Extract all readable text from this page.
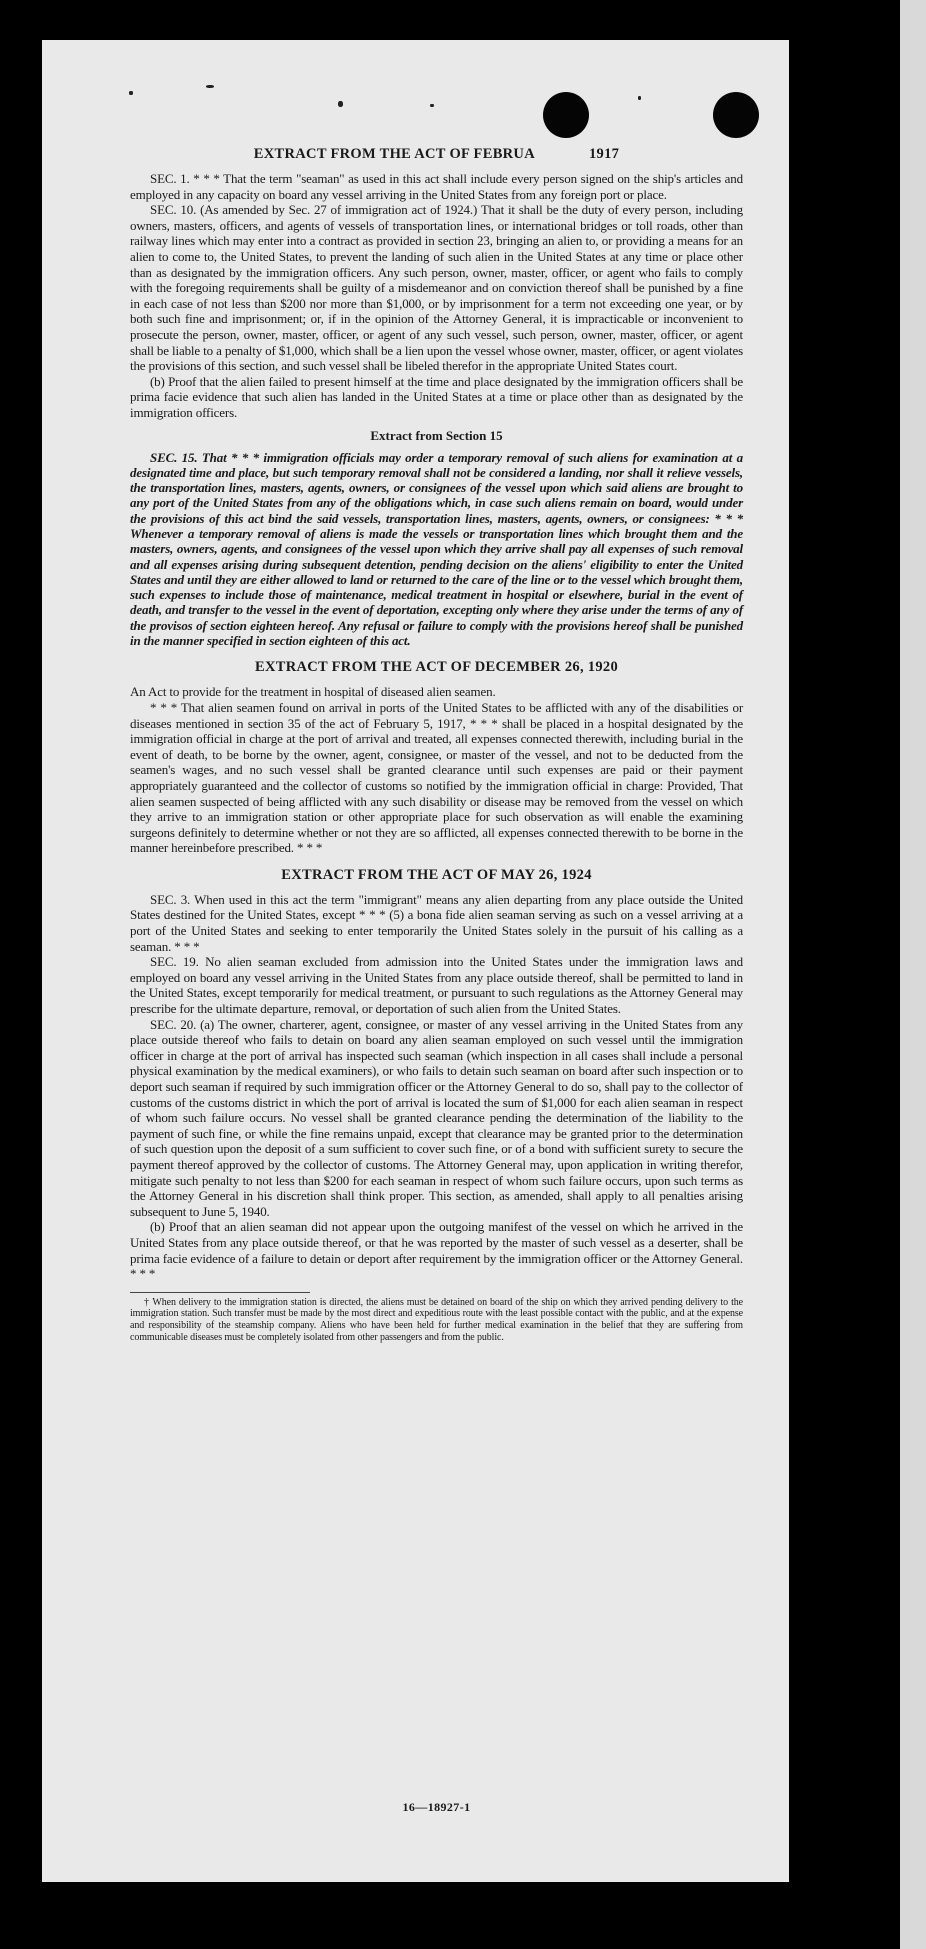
EXTRACT FROM THE ACT OF FEBRUA	1917

SEC. 1. * * * That the term "seaman" as used in this act shall include every person signed on the ship's articles and employed in any capacity on board any vessel arriving in the United States from any foreign port or place.

SEC. 10. (As amended by Sec. 27 of immigration act of 1924.) That it shall be the duty of every person, including owners, masters, officers, and agents of vessels of transportation lines, or international bridges or toll roads, other than railway lines which may enter into a contract as provided in section 23, bringing an alien to, or providing a means for an alien to come to, the United States, to prevent the landing of such alien in the United States at any time or place other than as designated by the immigration officers. Any such person, owner, master, officer, or agent who fails to comply with the foregoing requirements shall be guilty of a misdemeanor and on conviction thereof shall be punished by a fine in each case of not less than $200 nor more than $1,000, or by imprisonment for a term not exceeding one year, or by both such fine and imprisonment; or, if in the opinion of the Attorney General, it is impracticable or inconvenient to prosecute the person, owner, master, officer, or agent of any such vessel, such person, owner, master, officer, or agent shall be liable to a penalty of $1,000, which shall be a lien upon the vessel whose owner, master, officer, or agent violates the provisions of this section, and such vessel shall be libeled therefor in the appropriate United States court.

(b) Proof that the alien failed to present himself at the time and place designated by the immigration officers shall be prima facie evidence that such alien has landed in the United States at a time or place other than as designated by the immigration officers.

Extract from Section 15

SEC. 15. That * * * immigration officials may order a temporary removal of such aliens for examination at a designated time and place, but such temporary removal shall not be considered a landing, nor shall it relieve vessels, the transportation lines, masters, agents, owners, or consignees of the vessel upon which said aliens are brought to any port of the United States from any of the obligations which, in case such aliens remain on board, would under the provisions of this act bind the said vessels, transportation lines, masters, agents, owners, or consignees: * * * Whenever a temporary removal of aliens is made the vessels or transportation lines which brought them and the masters, owners, agents, and consignees of the vessel upon which they arrive shall pay all expenses of such removal and all expenses arising during subsequent detention, pending decision on the aliens' eligibility to enter the United States and until they are either allowed to land or returned to the care of the line or to the vessel which brought them, such expenses to include those of maintenance, medical treatment in hospital or elsewhere, burial in the event of death, and transfer to the vessel in the event of deportation, excepting only where they arise under the terms of any of the provisos of section eighteen hereof. Any refusal or failure to comply with the provisions hereof shall be punished in the manner specified in section eighteen of this act.

EXTRACT FROM THE ACT OF DECEMBER 26, 1920

An Act to provide for the treatment in hospital of diseased alien seamen.

* * * That alien seamen found on arrival in ports of the United States to be afflicted with any of the disabilities or diseases mentioned in section 35 of the act of February 5, 1917, * * * shall be placed in a hospital designated by the immigration official in charge at the port of arrival and treated, all expenses connected therewith, including burial in the event of death, to be borne by the owner, agent, consignee, or master of the vessel, and not to be deducted from the seamen's wages, and no such vessel shall be granted clearance until such expenses are paid or their payment appropriately guaranteed and the collector of customs so notified by the immigration official in charge: Provided, That alien seamen suspected of being afflicted with any such disability or disease may be removed from the vessel on which they arrive to an immigration station or other appropriate place for such observation as will enable the examining surgeons definitely to determine whether or not they are so afflicted, all expenses connected therewith to be borne in the manner hereinbefore prescribed. * * *

EXTRACT FROM THE ACT OF MAY 26, 1924

SEC. 3. When used in this act the term "immigrant" means any alien departing from any place outside the United States destined for the United States, except * * * (5) a bona fide alien seaman serving as such on a vessel arriving at a port of the United States and seeking to enter temporarily the United States solely in the pursuit of his calling as a seaman. * * *

SEC. 19. No alien seaman excluded from admission into the United States under the immigration laws and employed on board any vessel arriving in the United States from any place outside thereof, shall be permitted to land in the United States, except temporarily for medical treatment, or pursuant to such regulations as the Attorney General may prescribe for the ultimate departure, removal, or deportation of such alien from the United States.

SEC. 20. (a) The owner, charterer, agent, consignee, or master of any vessel arriving in the United States from any place outside thereof who fails to detain on board any alien seaman employed on such vessel until the immigration officer in charge at the port of arrival has inspected such seaman (which inspection in all cases shall include a personal physical examination by the medical examiners), or who fails to detain such seaman on board after such inspection or to deport such seaman if required by such immigration officer or the Attorney General to do so, shall pay to the collector of customs of the customs district in which the port of arrival is located the sum of $1,000 for each alien seaman in respect of whom such failure occurs. No vessel shall be granted clearance pending the determination of the liability to the payment of such fine, or while the fine remains unpaid, except that clearance may be granted prior to the determination of such question upon the deposit of a sum sufficient to cover such fine, or of a bond with sufficient surety to secure the payment thereof approved by the collector of customs. The Attorney General may, upon application in writing therefor, mitigate such penalty to not less than $200 for each seaman in respect of whom such failure occurs, upon such terms as the Attorney General in his discretion shall think proper. This section, as amended, shall apply to all penalties arising subsequent to June 5, 1940.

(b) Proof that an alien seaman did not appear upon the outgoing manifest of the vessel on which he arrived in the United States from any place outside thereof, or that he was reported by the master of such vessel as a deserter, shall be prima facie evidence of a failure to detain or deport after requirement by the immigration officer or the Attorney General. * * *

† When delivery to the immigration station is directed, the aliens must be detained on board of the ship on which they arrived pending delivery to the immigration station. Such transfer must be made by the most direct and expeditious route with the least possible contact with the public, and at the expense and responsibility of the steamship company. Aliens who have been held for further medical examination in the belief that they are suffering from communicable diseases must be completely isolated from other passengers and from the public.

16—18927-1
